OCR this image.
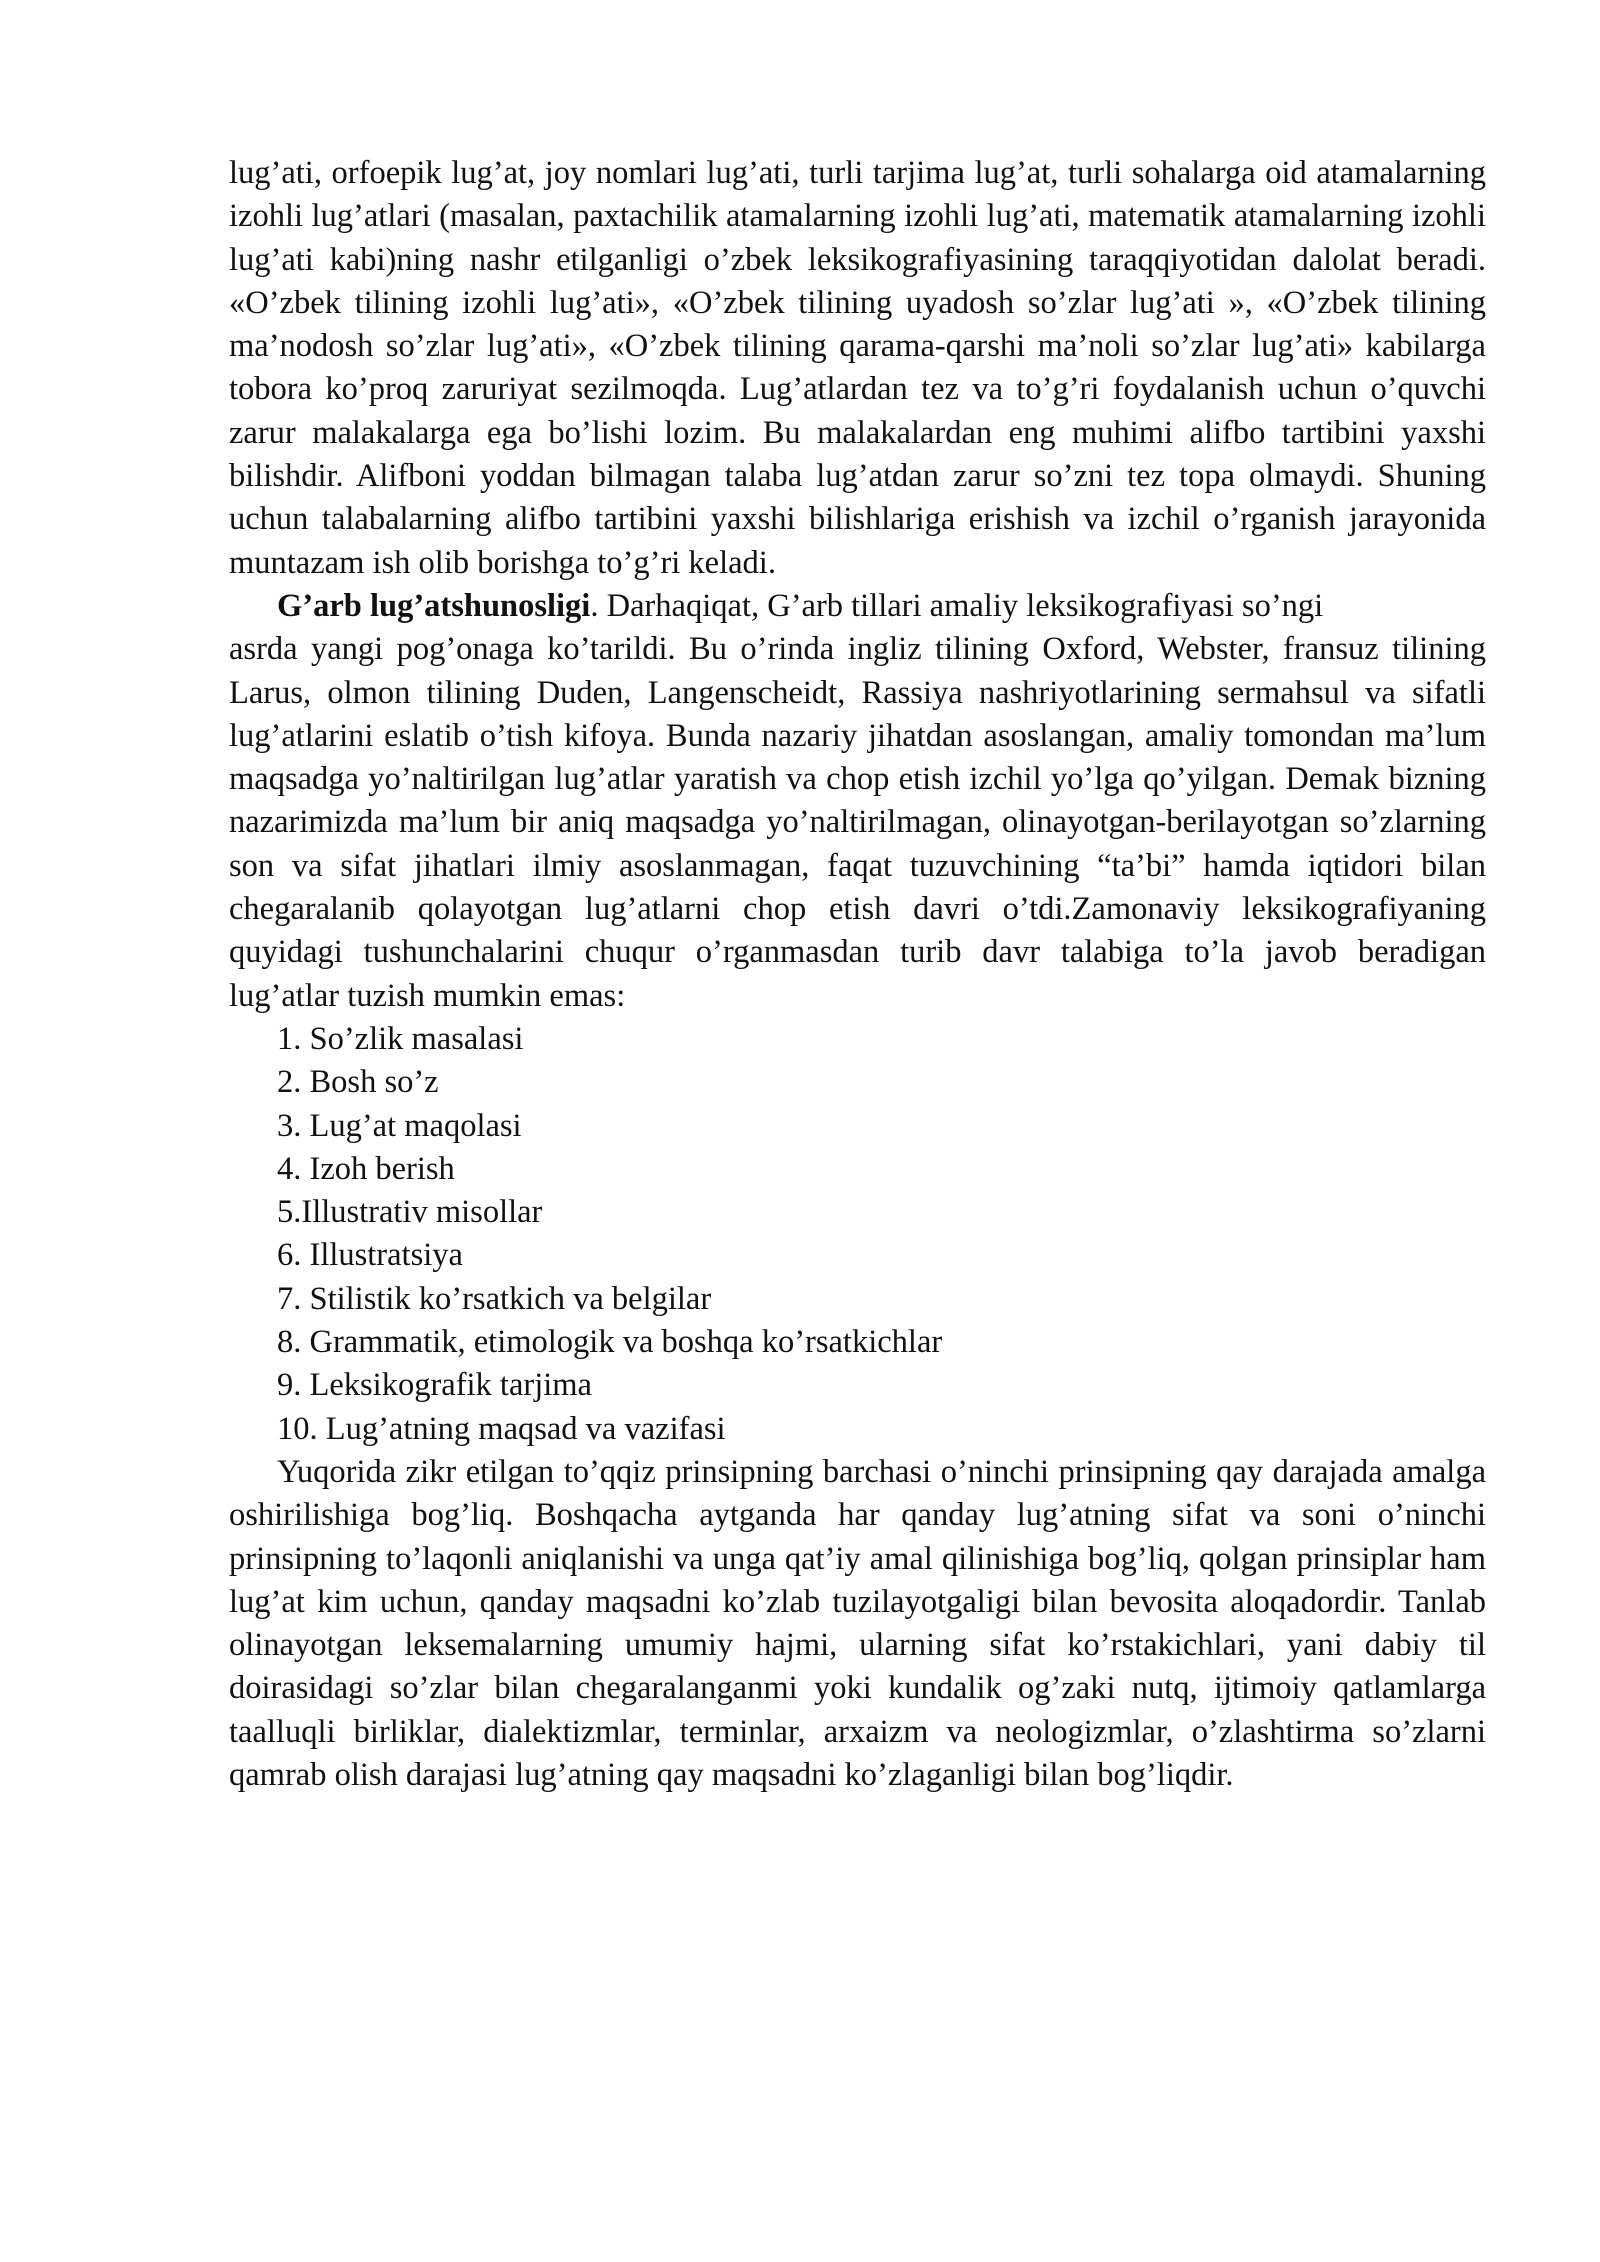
lug’ati, orfoepik lug’at, joy nomlari lug’ati, turli tarjima lug’at, turli sohalarga oid atamalarning izohli lug’atlari (masalan, paxtachilik atamalarning izohli lug’ati, matematik atamalarning izohli lug’ati kabi)ning nashr etilganligi o’zbek leksikografiyasining taraqqiyotidan dalolat beradi. «O’zbek tilining izohli lug’ati», «O’zbek tilining uyadosh so’zlar lug’ati », «O’zbek tilining ma’nodosh so’zlar lug’ati», «O’zbek tilining qarama-qarshi ma’noli so’zlar lug’ati» kabilarga tobora ko’proq zaruriyat sezilmoqda. Lug’atlardan tez va to’g’ri foydalanish uchun o’quvchi zarur malakalarga ega bo’lishi lozim. Bu malakalardan eng muhimi alifbo tartibini yaxshi bilishdir. Alifboni yoddan bilmagan talaba lug’atdan zarur so’zni tez topa olmaydi. Shuning uchun talabalarning alifbo tartibini yaxshi bilishlariga erishish va izchil o’rganish jarayonida muntazam ish olib borishga to’g’ri keladi.

G’arb lug’atshunosligi. Darhaqiqat, G’arb tillari amaliy leksikografiyasi so’ngi

asrda yangi pog’onaga ko’tarildi. Bu o’rinda ingliz tilining Oxford, Webster, fransuz tilining Larus, olmon tilining Duden, Langenscheidt, Rassiya nashriyotlarining sermahsul va sifatli lug’atlarini eslatib o’tish kifoya. Bunda nazariy jihatdan asoslangan, amaliy tomondan ma’lum maqsadga yo’naltirilgan lug’atlar yaratish va chop etish izchil yo’lga qo’yilgan. Demak bizning nazarimizda ma’lum bir aniq maqsadga yo’naltirilmagan, olinayotgan-berilayotgan so’zlarning son va sifat jihatlari ilmiy asoslanmagan, faqat tuzuvchining “ta’bi” hamda iqtidori bilan chegaralanib qolayotgan lug’atlarni chop etish davri o’tdi.Zamonaviy leksikografiyaning quyidagi tushunchalarini chuqur o’rganmasdan turib davr talabiga to’la javob beradigan lug’atlar tuzish mumkin emas:

1. So’zlik masalasi
2. Bosh so’z
3. Lug’at maqolasi
4. Izoh berish
5.Illustrativ misollar
6. Illustratsiya
7. Stilistik ko’rsatkich va belgilar
8. Grammatik, etimologik va boshqa ko’rsatkichlar
9. Leksikografik tarjima
10. Lug’atning maqsad va vazifasi

Yuqorida zikr etilgan to’qqiz prinsipning barchasi o’ninchi prinsipning qay darajada amalga oshirilishiga bog’liq. Boshqacha aytganda har qanday lug’atning sifat va soni o’ninchi prinsipning to’laqonli aniqlanishi va unga qat’iy amal qilinishiga bog’liq, qolgan prinsiplar ham lug’at kim uchun, qanday maqsadni ko’zlab tuzilayotgaligi bilan bevosita aloqadordir. Tanlab olinayotgan leksemalarning umumiy hajmi, ularning sifat ko’rstakichlari, yani dabiy til doirasidagi so’zlar bilan chegaralanganmi yoki kundalik og’zaki nutq, ijtimoiy qatlamlarga taalluqli birliklar, dialektizmlar, terminlar, arxaizm va neologizmlar, o’zlashtirma so’zlarni qamrab olish darajasi lug’atning qay maqsadni ko’zlaganligi bilan bog’liqdir.
